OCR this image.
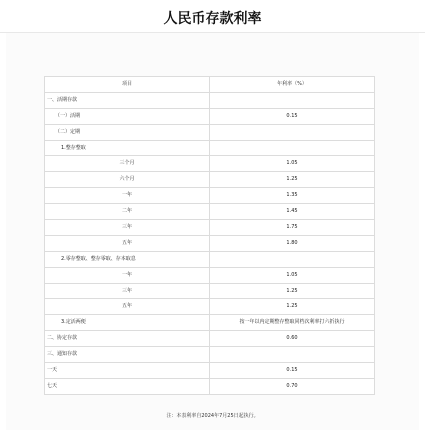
人民币存款利率
项目	年利率（%）
一、活期存款	
（一）活期	0.15
（二）定期	
1.整存整取	
三个月	1.05
六个月	1.25
一年	1.35
二年	1.45
三年	1.75
五年	1.80
2.零存整取、整存零取、存本取息	
一年	1.05
三年	1.25
五年	1.25
3.定活两便	按一年以内定期整存整取同档次利率打六折执行
二、协定存款	0.60
三、通知存款	
一天	0.15
七天	0.70
注：本表利率自2024年7月25日起执行。
